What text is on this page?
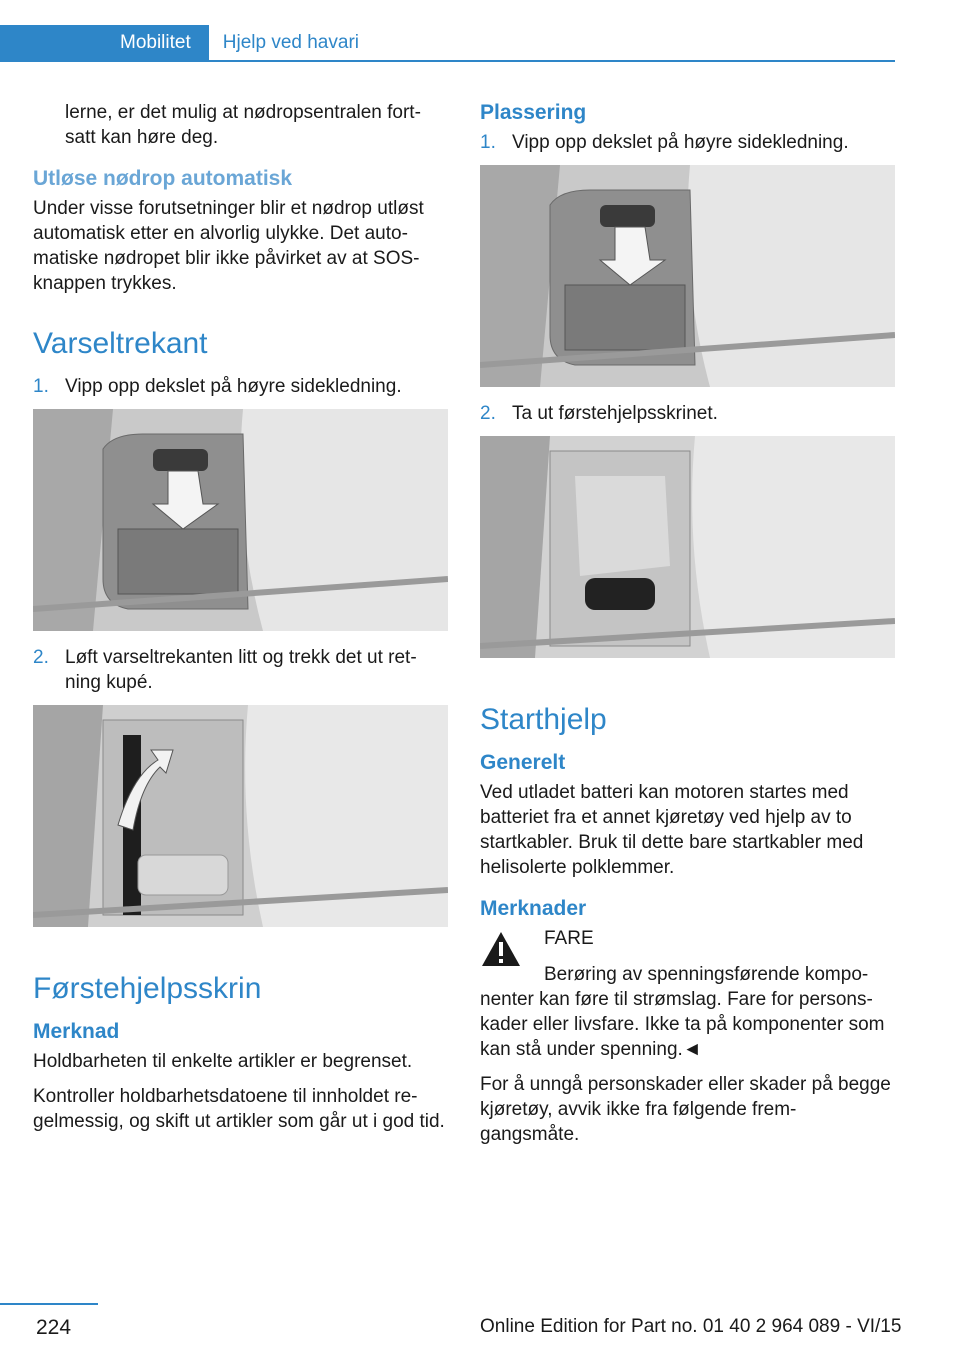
Mobilitet	Hjelp ved havari

lerne, er det mulig at nødropsentralen fort-satt kan høre deg.

Utløse nødrop automatisk

Under visse forutsetninger blir et nødrop utløst automatisk etter en alvorlig ulykke. Det auto-matiske nødropet blir ikke påvirket av at SOS-knappen trykkes.

Varseltrekant
1. Vipp opp dekslet på høyre sidekledning.
2. Løft varseltrekanten litt og trekk det ut ret-ning kupé.
Førstehjelpsskrin
Merknad

Holdbarheten til enkelte artikler er begrenset.

Kontroller holdbarhetsdatoene til innholdet re-gelmessig, og skift ut artikler som går ut i god tid.

Plassering
1. Vipp opp dekslet på høyre sidekledning.
2. Ta ut førstehjelpsskrinet.
Starthjelp
Generelt

Ved utladet batteri kan motoren startes med batteriet fra et annet kjøretøy ved hjelp av to startkabler. Bruk til dette bare startkabler med helisolerte polklemmer.

Merknader

FARE

Berøring av spenningsførende kompo-nenter kan føre til strømslag. Fare for persons-kader eller livsfare. Ikke ta på komponenter som kan stå under spenning.◄

For å unngå personskader eller skader på begge kjøretøy, avvik ikke fra følgende frem-gangsmåte.

224	Online Edition for Part no. 01 40 2 964 089 - VI/15
